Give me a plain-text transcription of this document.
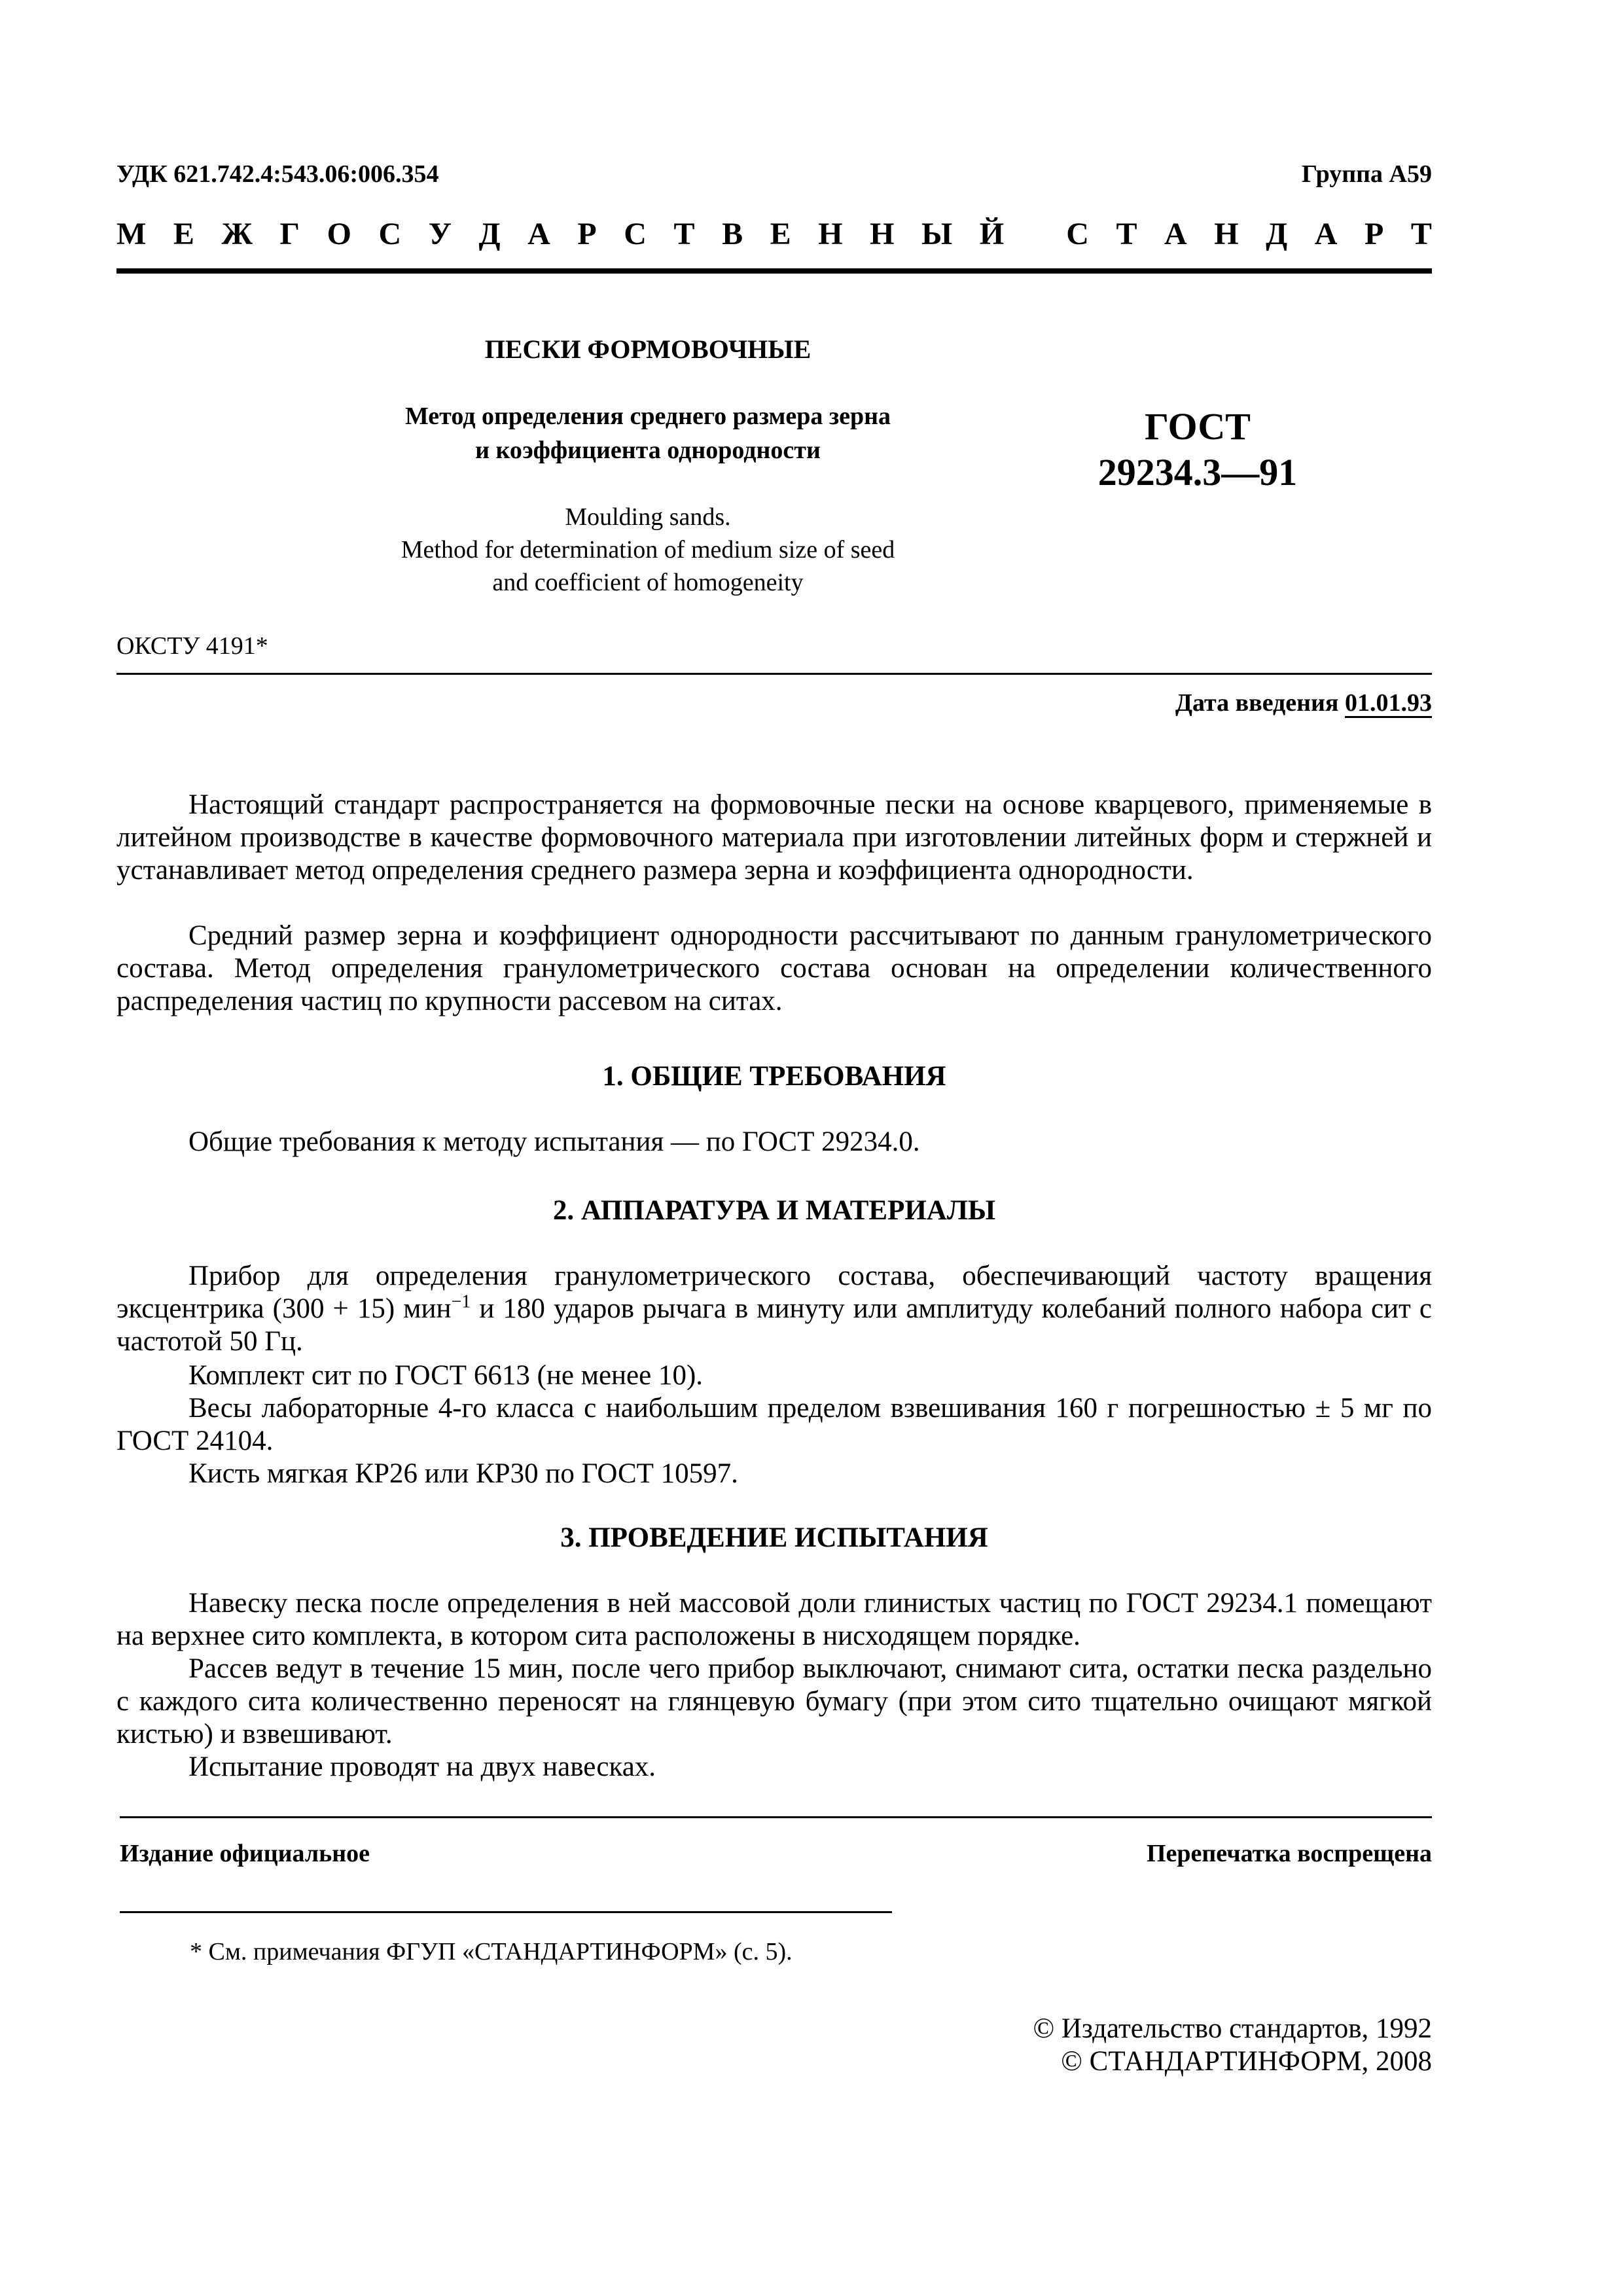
УДК 621.742.4:543.06:006.354	Группа А59
М Е Ж Г О С У Д А Р С Т В Е Н Н Ы Й
С Т А Н Д А Р Т
ПЕСКИ ФОРМОВОЧНЫЕ
Метод определения среднего размера зерна
и коэффициента однородности
ГОСТ
29234.3—91
Moulding sands.
Method for determination of medium size of seed
and coefficient of homogeneity
ОКСТУ 4191*
Дата введения 01.01.93
Настоящий стандарт распространяется на формовочные пески на основе кварцевого, применяемые в литейном производстве в качестве формовочного материала при изготовлении литейных форм и стержней и устанавливает метод определения среднего размера зерна и коэффициента однородности.
Средний размер зерна и коэффициент однородности рассчитывают по данным гранулометрического состава. Метод определения гранулометрического состава основан на определении количественного распределения частиц по крупности рассевом на ситах.
1. ОБЩИЕ ТРЕБОВАНИЯ
Общие требования к методу испытания — по ГОСТ 29234.0.
2. АППАРАТУРА И МАТЕРИАЛЫ
Прибор для определения гранулометрического состава, обеспечивающий частоту вращения эксцентрика (300 + 15) мин$^{-1}$ и 180 ударов рычага в минуту или амплитуду колебаний полного набора сит с частотой 50 Гц.
Комплект сит по ГОСТ 6613 (не менее 10).
Весы лабораторные 4-го класса с наибольшим пределом взвешивания 160 г погрешностью ± 5 мг по ГОСТ 24104.
Кисть мягкая КР26 или КР30 по ГОСТ 10597.
3. ПРОВЕДЕНИЕ ИСПЫТАНИЯ
Навеску песка после определения в ней массовой доли глинистых частиц по ГОСТ 29234.1 помещают на верхнее сито комплекта, в котором сита расположены в нисходящем порядке.
Рассев ведут в течение 15 мин, после чего прибор выключают, снимают сита, остатки песка раздельно с каждого сита количественно переносят на глянцевую бумагу (при этом сито тщательно очищают мягкой кистью) и взвешивают.
Испытание проводят на двух навесках.
Издание официальное	Перепечатка воспрещена
* См. примечания ФГУП «СТАНДАРТИНФОРМ» (с. 5).
© Издательство стандартов, 1992
© СТАНДАРТИНФОРМ, 2008
